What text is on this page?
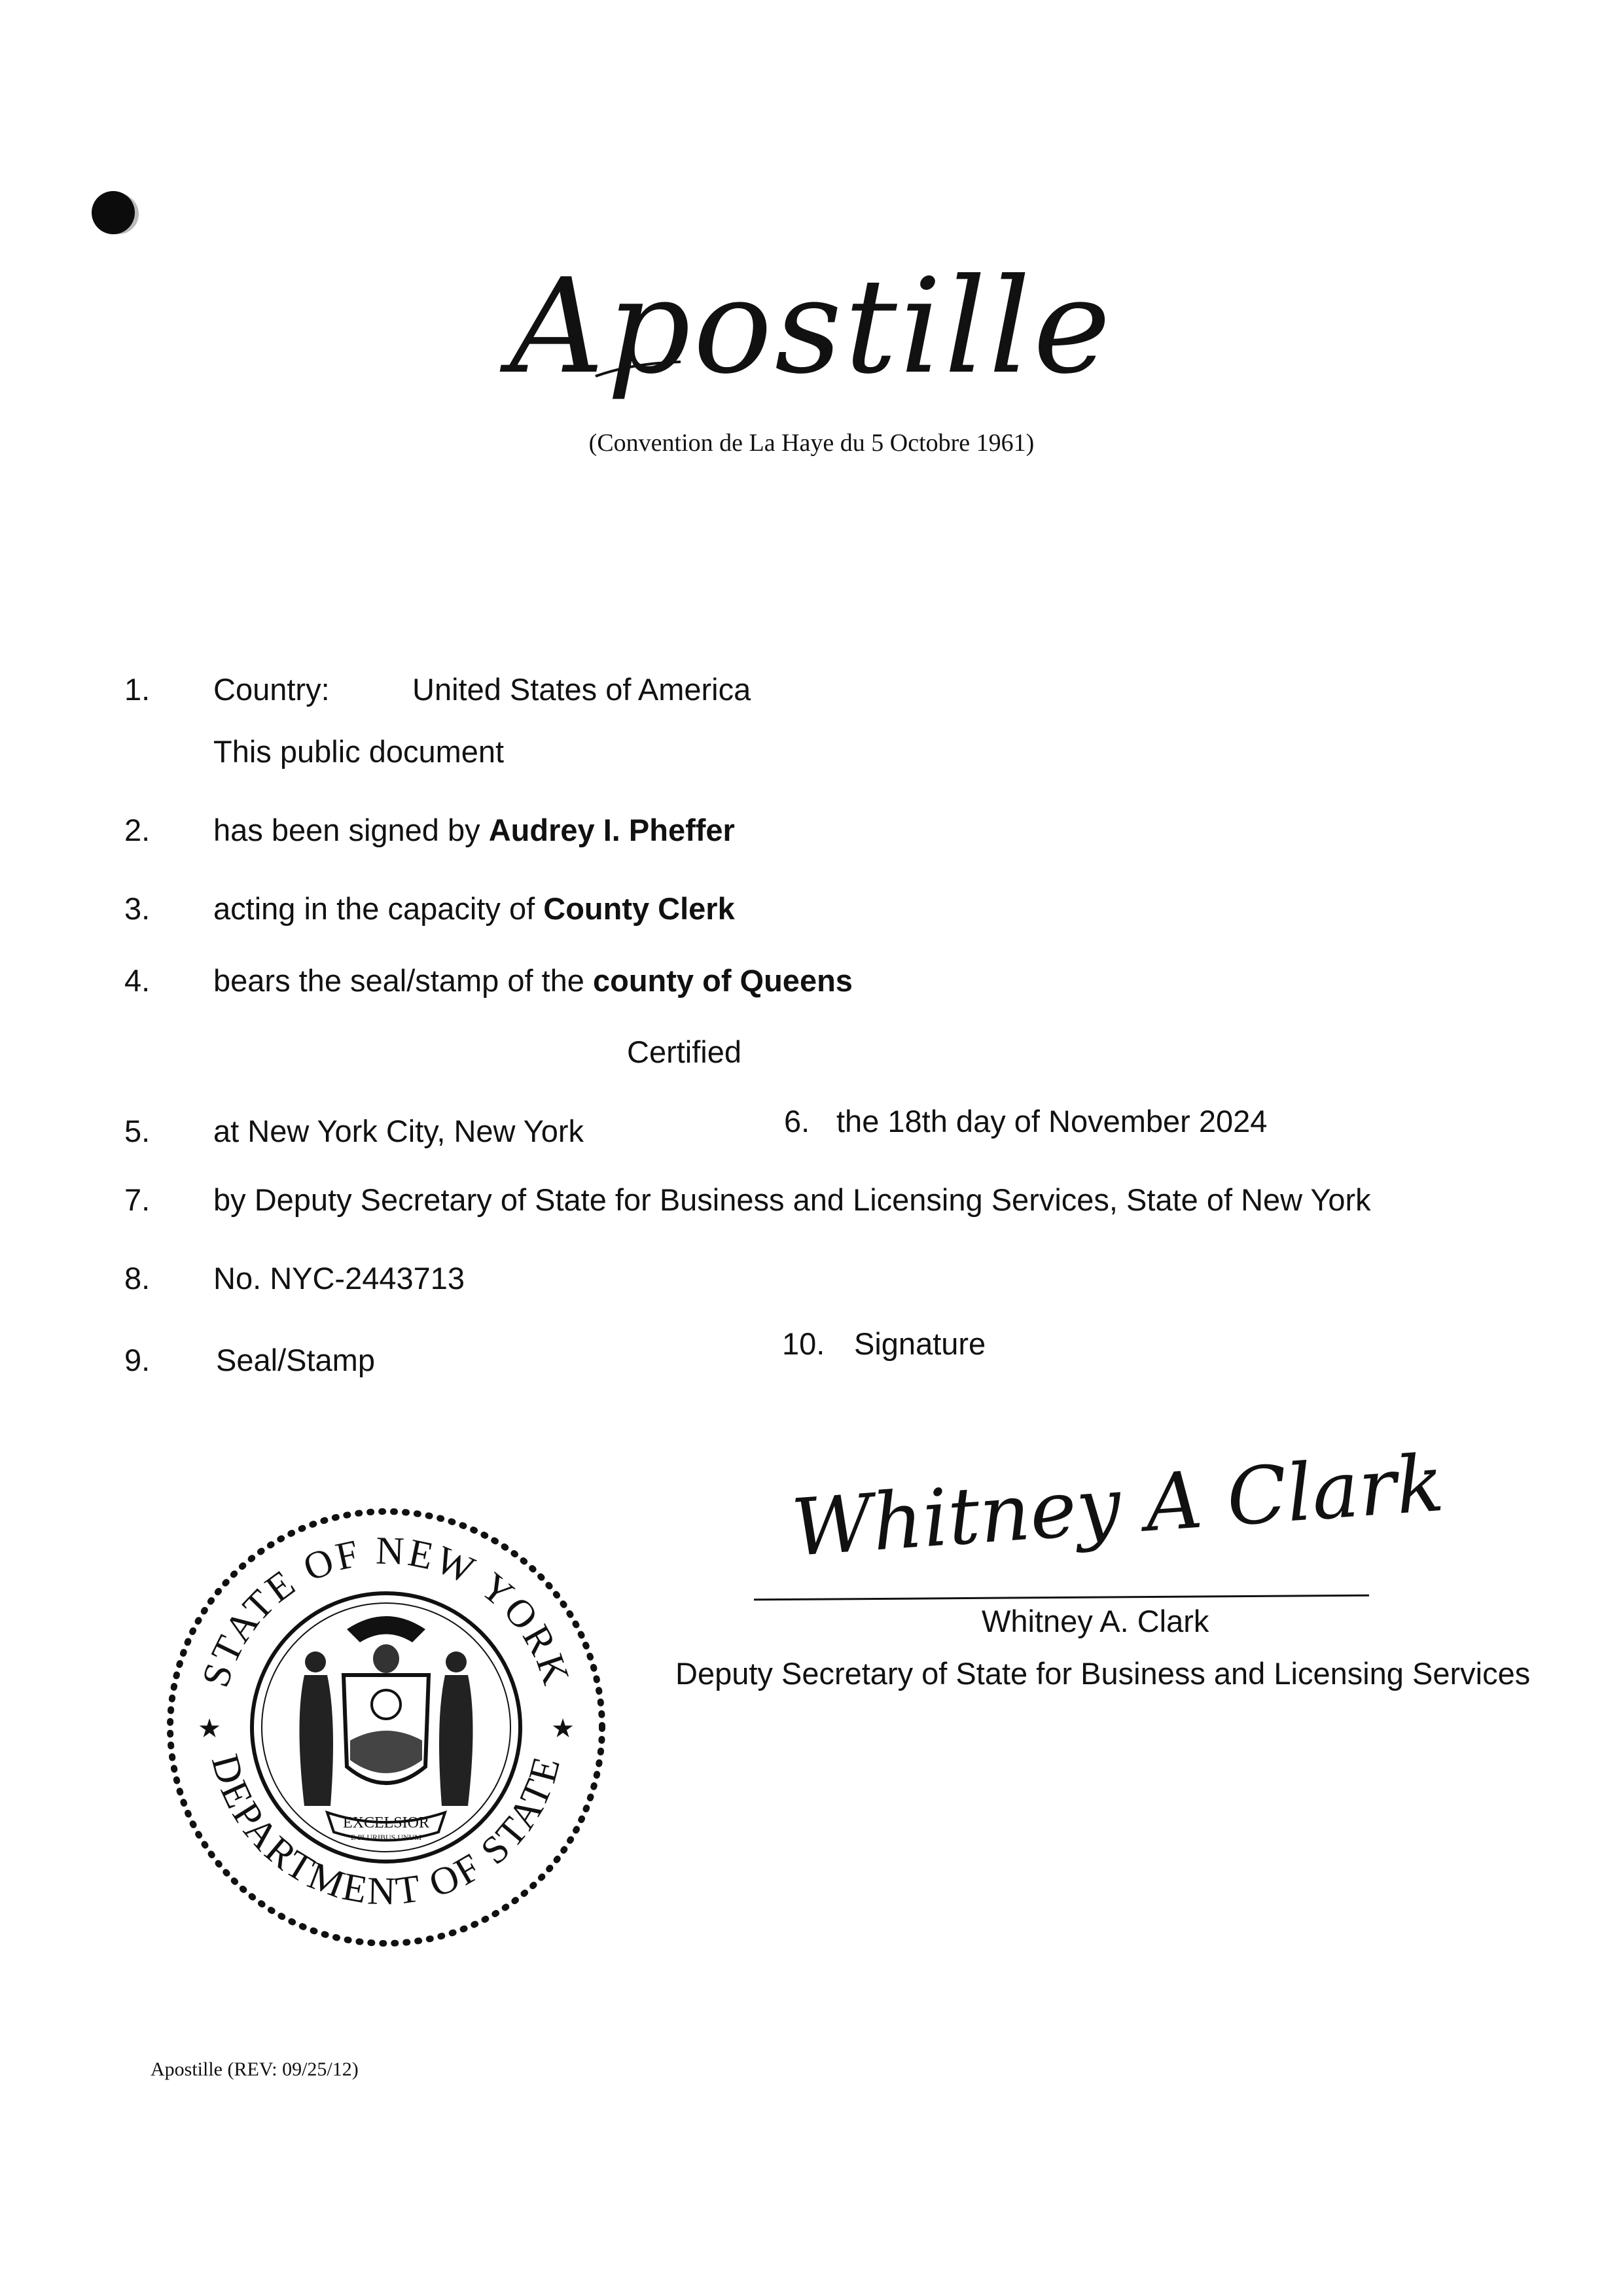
Apostille
(Convention de La Haye du 5 Octobre 1961)
1. Country:	United States of America
This public document
2. has been signed by Audrey I. Pheffer
3. acting in the capacity of County Clerk
4. bears the seal/stamp of the county of Queens
Certified
5. at New York City, New York	6. the 18th day of November 2024
7. by Deputy Secretary of State for Business and Licensing Services, State of New York
8. No. NYC-2443713
9. Seal/Stamp	10. Signature
Whitney A Clark
Whitney A. Clark
Deputy Secretary of State for Business and Licensing Services
STATE OF NEW YORK
DEPARTMENT OF STATE
★	★
EXCELSIOR
E PLURIBUS UNUM
Apostille (REV: 09/25/12)
